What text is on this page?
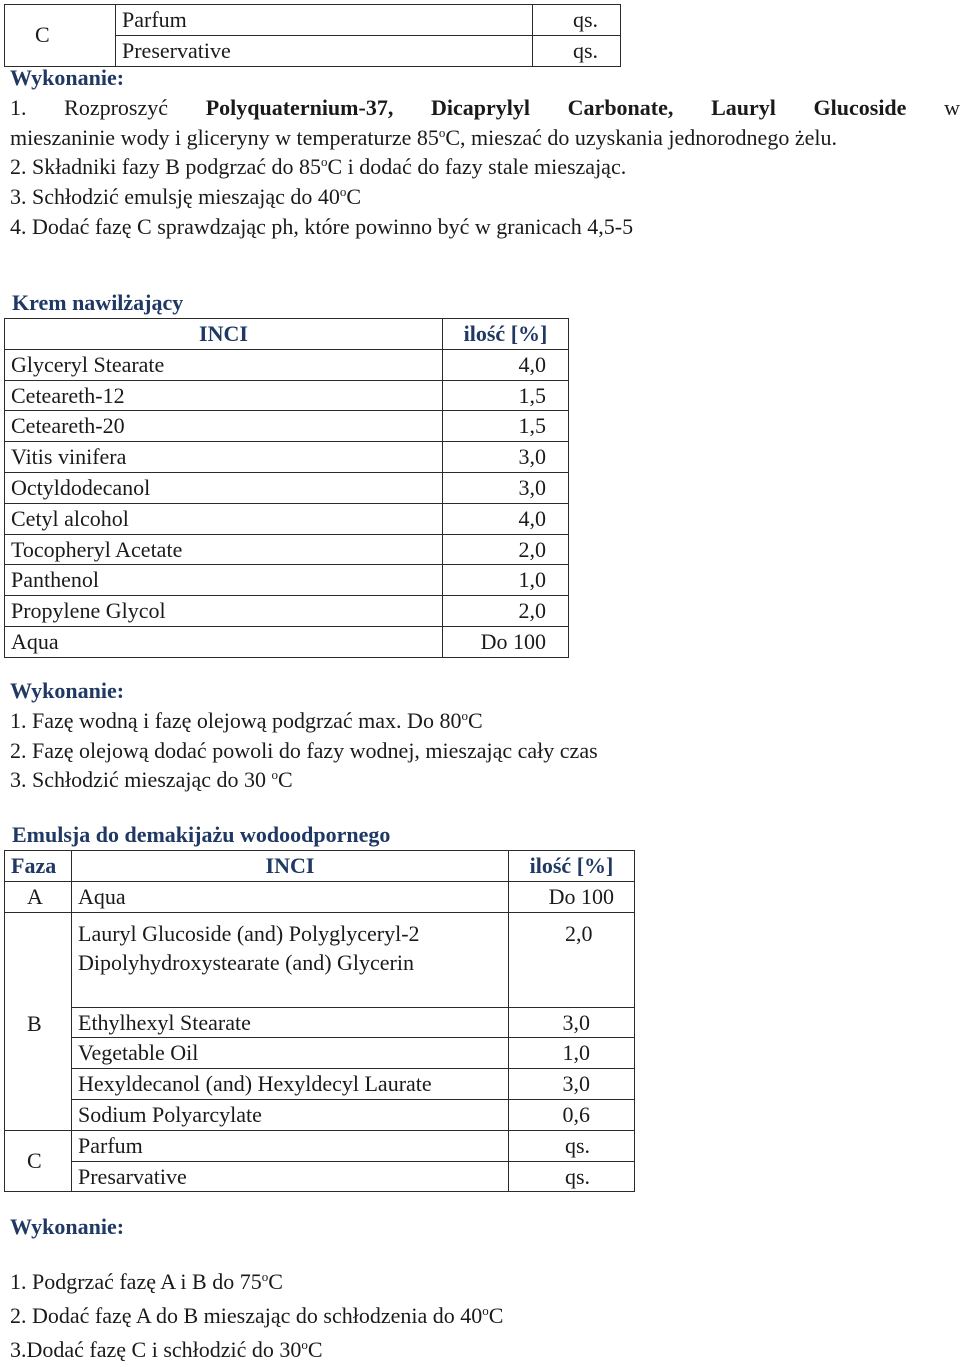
C	Parfum	qs.
	Preservative	qs.

Wykonanie:

1. Rozproszyć Polyquaternium-37, Dicaprylyl Carbonate, Lauryl Glucoside w

mieszaninie wody i gliceryny w temperaturze 85$^o$C, mieszać do uzyskania jednorodnego żelu.

2. Składniki fazy B podgrzać do 85$^o$C i dodać do fazy stale mieszając.

3. Schłodzić emulsję mieszając do 40$^o$C

4. Dodać fazę C sprawdzając ph, które powinno być w granicach 4,5-5

Krem nawilżający
INCI	ilość [%]
Glyceryl Stearate	4,0
Ceteareth-12	1,5
Ceteareth-20	1,5
Vitis vinifera	3,0
Octyldodecanol	3,0
Cetyl alcohol	4,0
Tocopheryl Acetate	2,0
Panthenol	1,0
Propylene Glycol	2,0
Aqua	Do 100

Wykonanie:

1. Fazę wodną i fazę olejową podgrzać max. Do 80$^o$C

2. Fazę olejową dodać powoli do fazy wodnej, mieszając cały czas

3. Schłodzić mieszając do 30 $^o$C

Emulsja do demakijażu wodoodpornego
Faza	INCI	ilość [%]
A	Aqua	Do 100

	Lauryl Glucoside (and) Polyglyceryl-2
Dipolyhydroxystearate (and) Glycerin	2,0
B	Ethylhexyl Stearate	3,0
	Vegetable Oil	1,0
	Hexyldecanol (and) Hexyldecyl Laurate	3,0
	Sodium Polyarcylate	0,6
C	Parfum	qs.
	Presarvative	qs.

Wykonanie:

1. Podgrzać fazę A i B do 75$^o$C

2. Dodać fazę A do B mieszając do schłodzenia do 40$^o$C

3.Dodać fazę C i schłodzić do 30$^o$C
